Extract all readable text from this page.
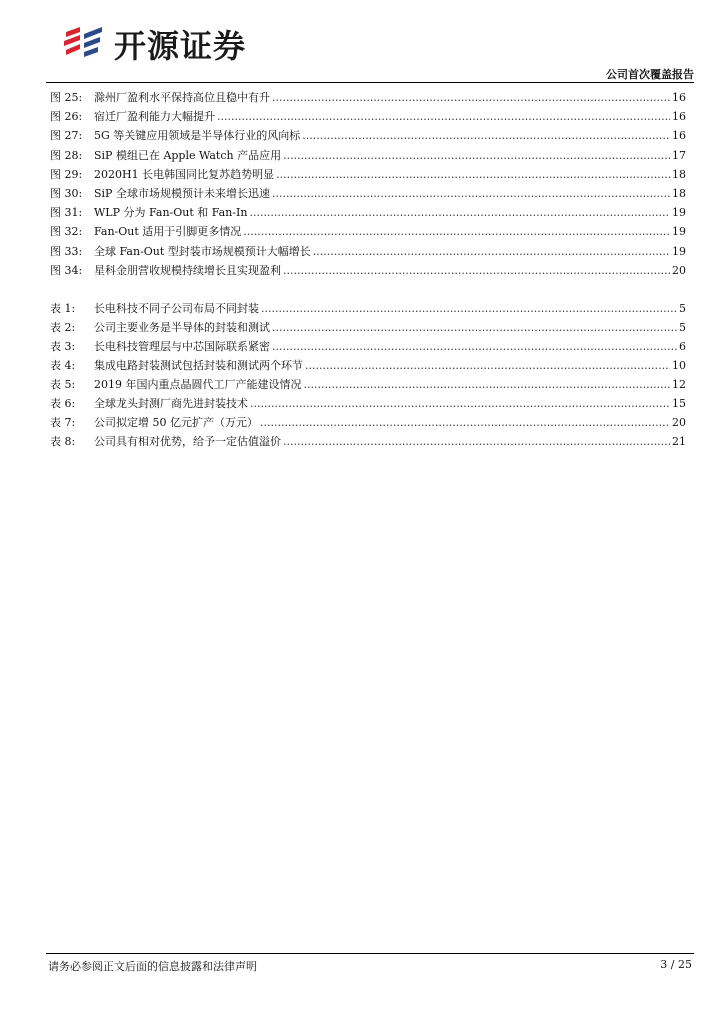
开源证券
公司首次覆盖报告
图 25:	滁州厂盈利水平保持高位且稳中有升 .....	16
图 26:	宿迁厂盈利能力大幅提升 .....	16
图 27:	5G 等关键应用领域是半导体行业的风向标 .....	16
图 28:	SiP 模组已在 Apple Watch 产品应用 .....	17
图 29:	2020H1 长电韩国同比复苏趋势明显 .....	18
图 30:	SiP 全球市场规模预计未来增长迅速 .....	18
图 31:	WLP 分为 Fan-Out 和 Fan-In .....	19
图 32:	Fan-Out 适用于引脚更多情况 .....	19
图 33:	全球 Fan-Out 型封装市场规模预计大幅增长 .....	19
图 34:	星科金朋营收规模持续增长且实现盈利 .....	20
表 1:	长电科技不同子公司布局不同封装 .....	5
表 2:	公司主要业务是半导体的封装和测试 .....	5
表 3:	长电科技管理层与中芯国际联系紧密 .....	6
表 4:	集成电路封装测试包括封装和测试两个环节 .....	10
表 5:	2019 年国内重点晶圆代工厂产能建设情况 .....	12
表 6:	全球龙头封测厂商先进封装技术 .....	15
表 7:	公司拟定增 50 亿元扩产（万元） .....	20
表 8:	公司具有相对优势，给予一定估值溢价 .....	21
请务必参阅正文后面的信息披露和法律声明	3 / 25
